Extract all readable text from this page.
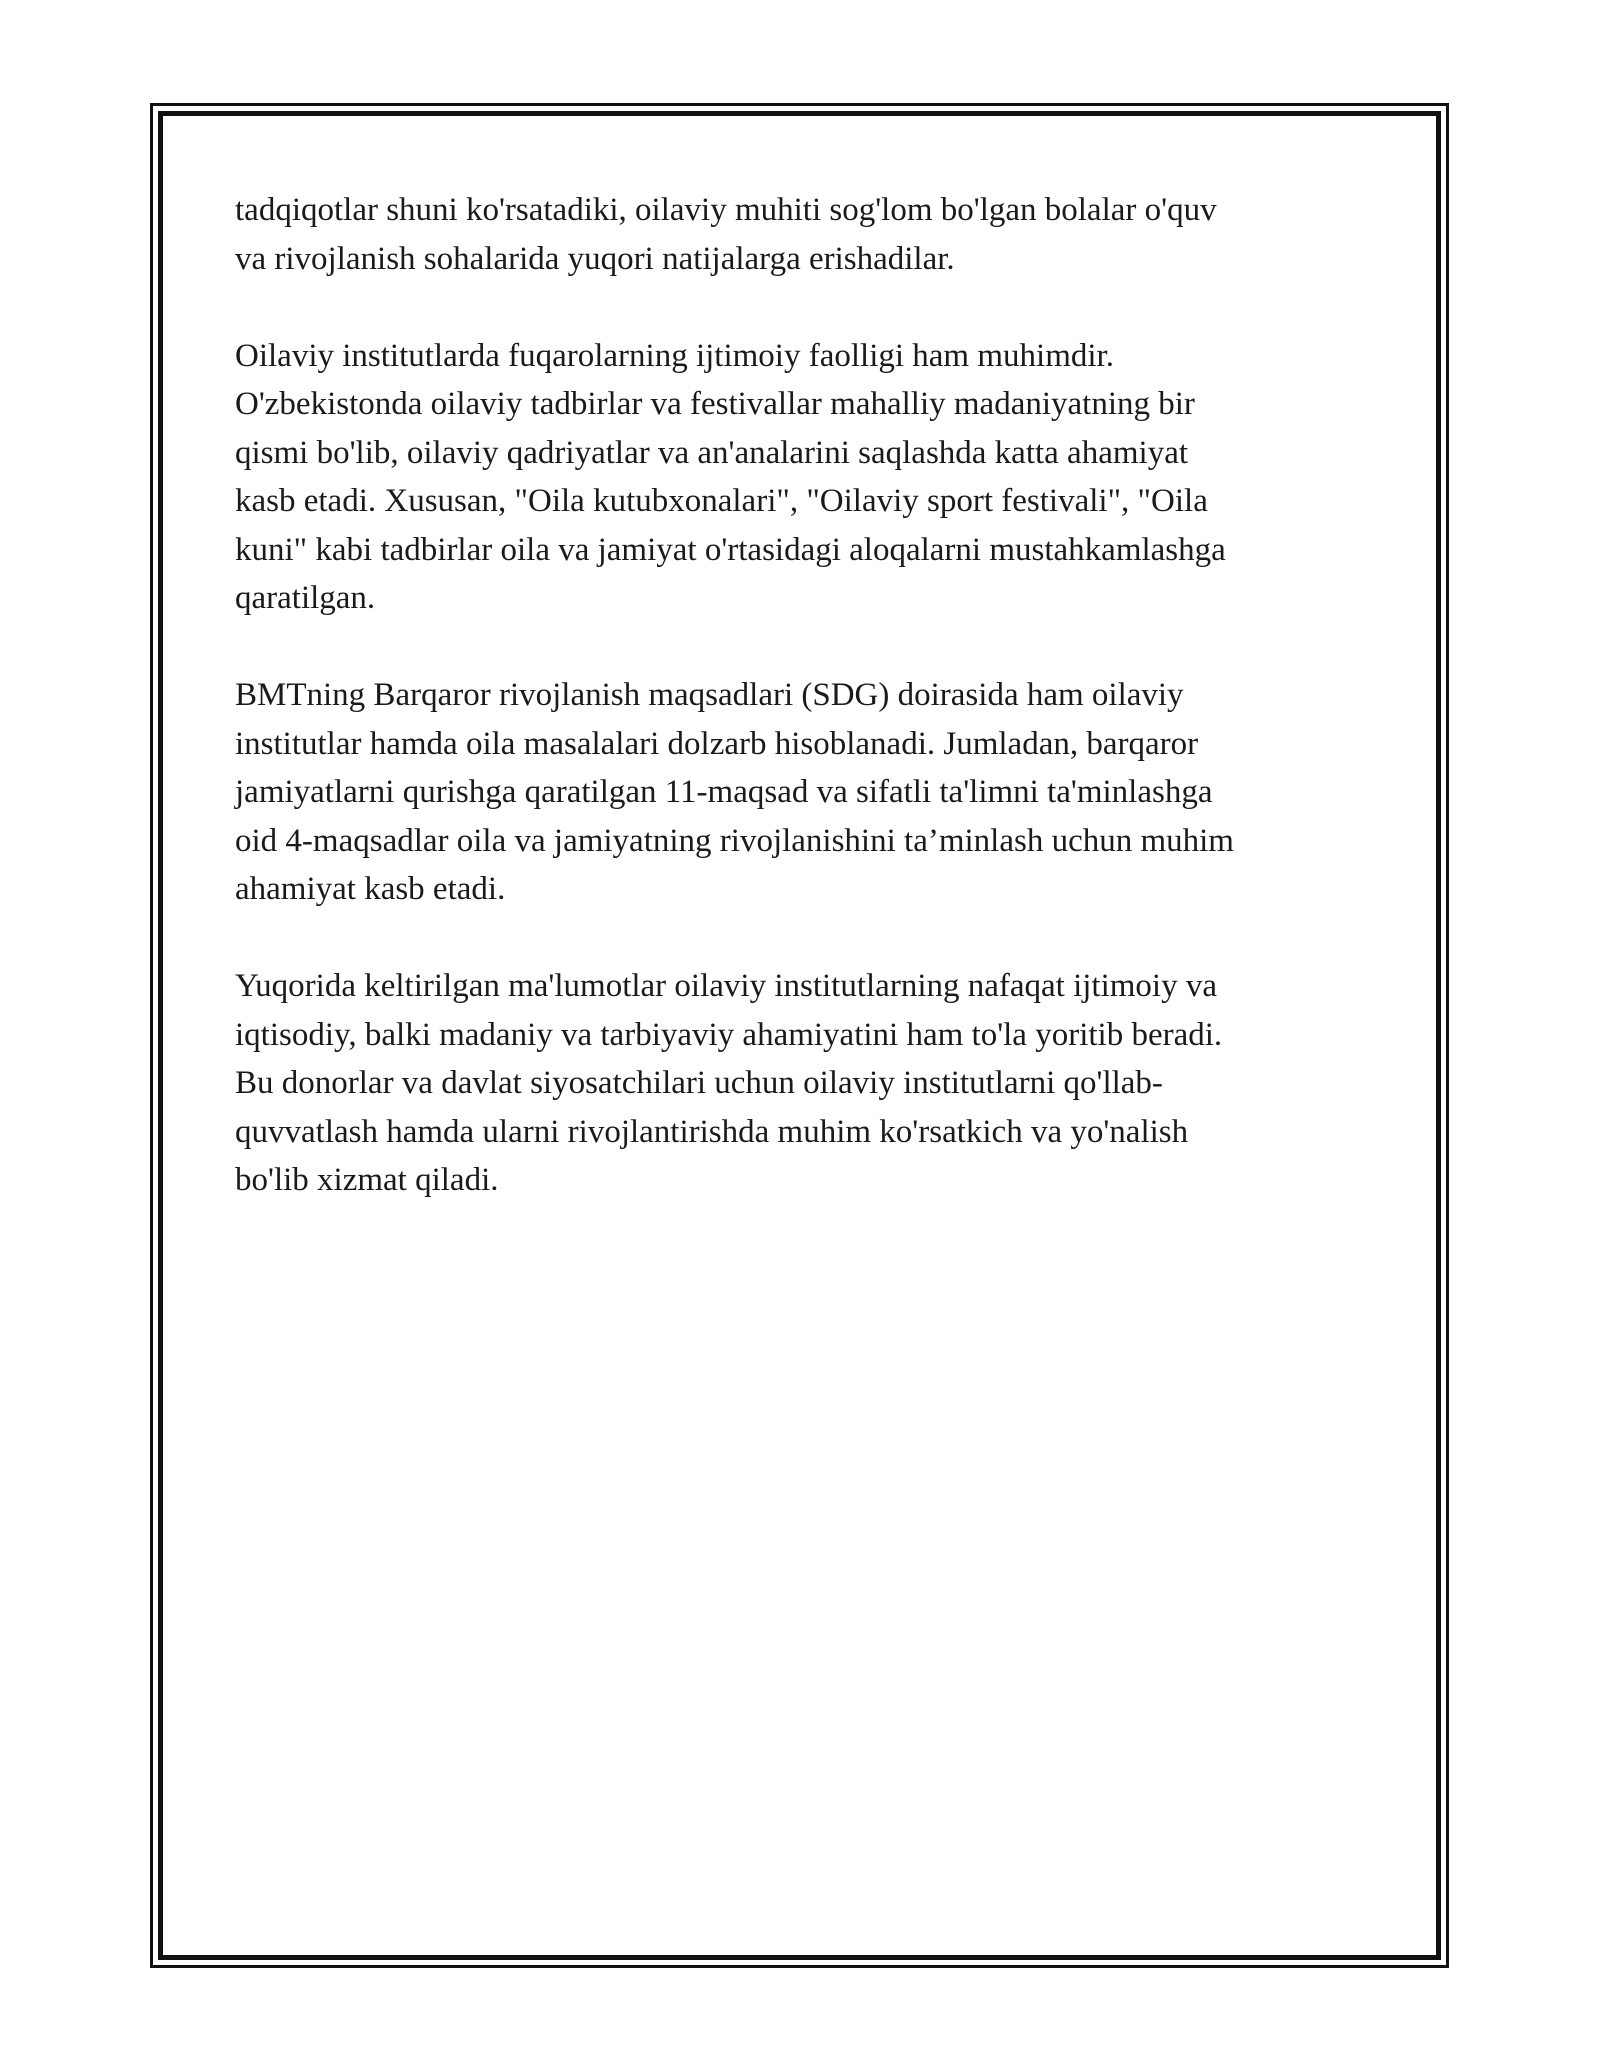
tadqiqotlar shuni ko'rsatadiki, oilaviy muhiti sog'lom bo'lgan bolalar o'quv
va rivojlanish sohalarida yuqori natijalarga erishadilar.

Oilaviy institutlarda fuqarolarning ijtimoiy faolligi ham muhimdir.
O'zbekistonda oilaviy tadbirlar va festivallar mahalliy madaniyatning bir
qismi bo'lib, oilaviy qadriyatlar va an'analarini saqlashda katta ahamiyat
kasb etadi. Xususan, "Oila kutubxonalari", "Oilaviy sport festivali", "Oila
kuni" kabi tadbirlar oila va jamiyat o'rtasidagi aloqalarni mustahkamlashga
qaratilgan.

BMTning Barqaror rivojlanish maqsadlari (SDG) doirasida ham oilaviy
institutlar hamda oila masalalari dolzarb hisoblanadi. Jumladan, barqaror
jamiyatlarni qurishga qaratilgan 11-maqsad va sifatli ta'limni ta'minlashga
oid 4-maqsadlar oila va jamiyatning rivojlanishini ta’minlash uchun muhim
ahamiyat kasb etadi.

Yuqorida keltirilgan ma'lumotlar oilaviy institutlarning nafaqat ijtimoiy va
iqtisodiy, balki madaniy va tarbiyaviy ahamiyatini ham to'la yoritib beradi.
Bu donorlar va davlat siyosatchilari uchun oilaviy institutlarni qo'llab-
quvvatlash hamda ularni rivojlantirishda muhim ko'rsatkich va yo'nalish
bo'lib xizmat qiladi.
